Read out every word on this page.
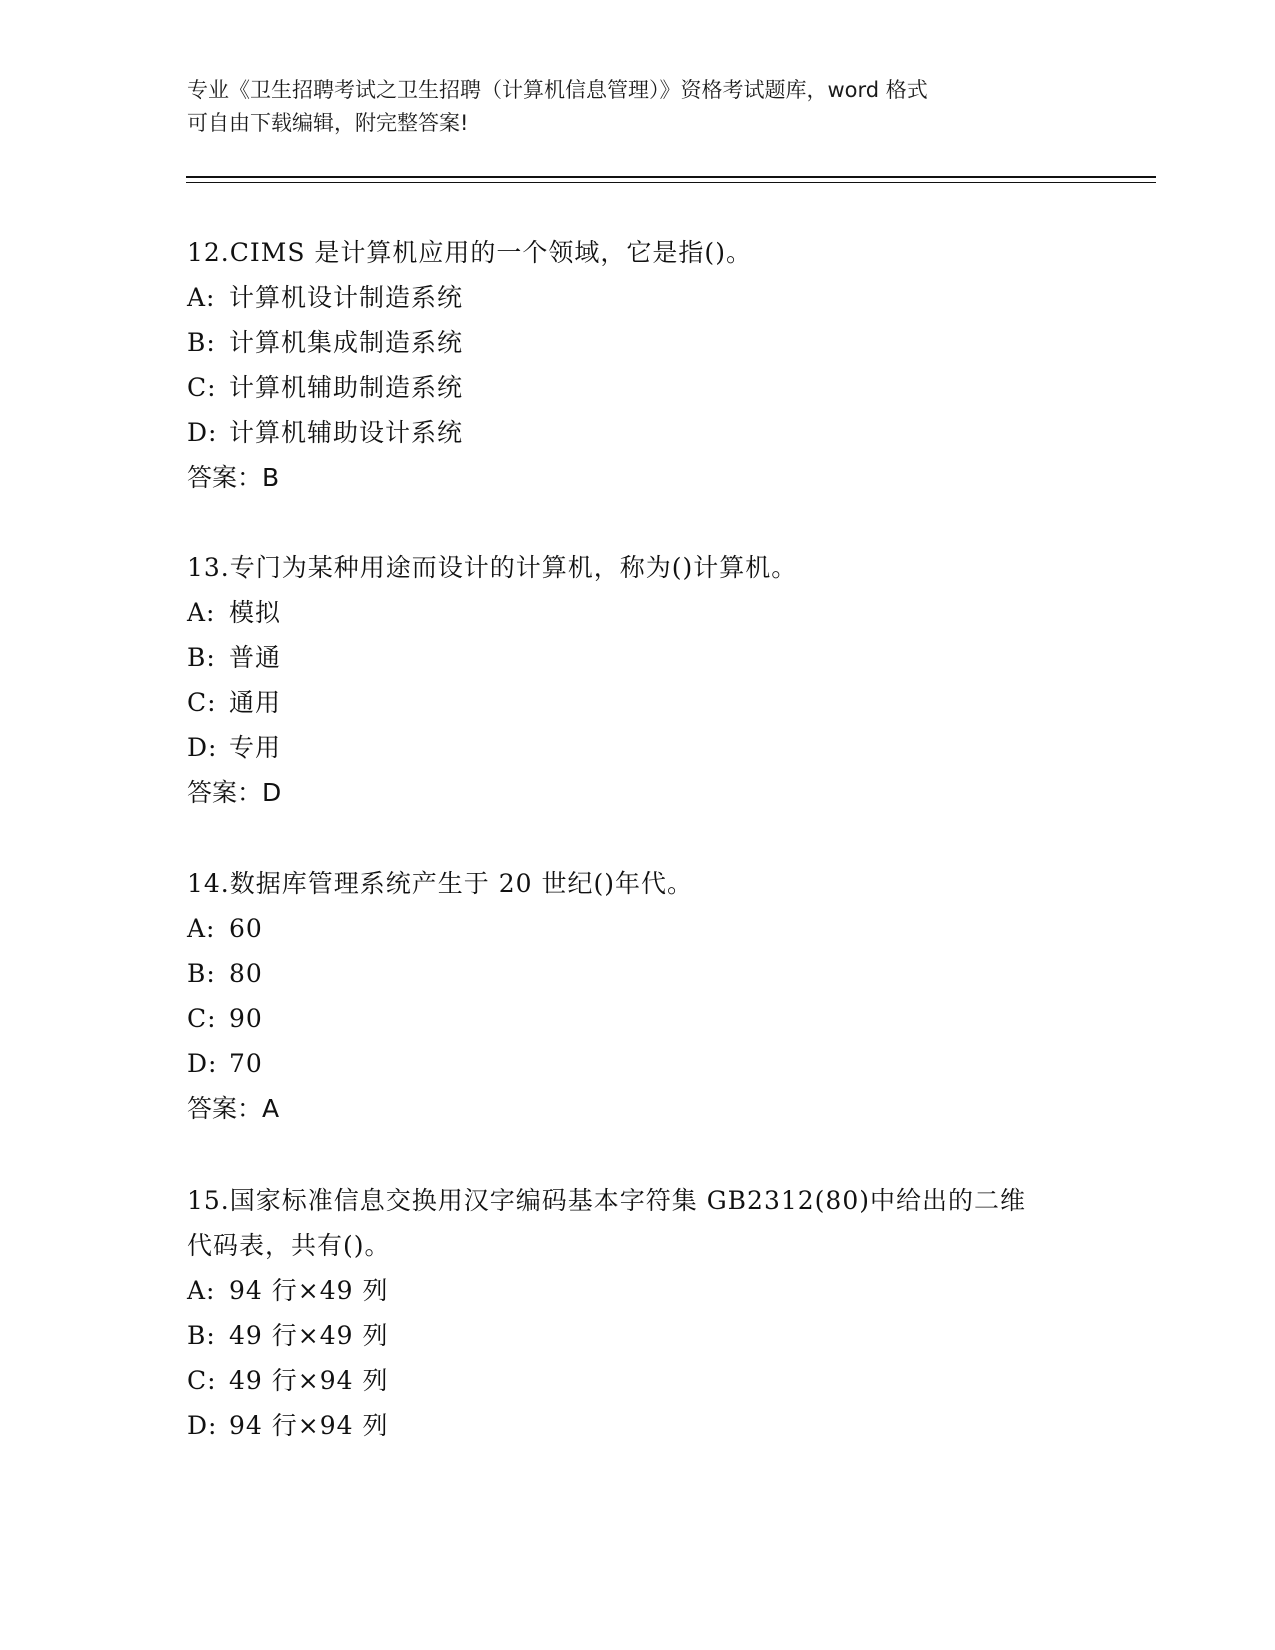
专业《卫生招聘考试之卫生招聘（计算机信息管理）》资格考试题库，word 格式
可自由下载编辑，附完整答案!
12.CIMS 是计算机应用的一个领域，它是指()。
A: 计算机设计制造系统
B: 计算机集成制造系统
C: 计算机辅助制造系统
D: 计算机辅助设计系统
答案：B
13.专门为某种用途而设计的计算机，称为()计算机。
A: 模拟
B: 普通
C: 通用
D: 专用
答案：D
14.数据库管理系统产生于 20 世纪()年代。
A: 60
B: 80
C: 90
D: 70
答案：A
15.国家标准信息交换用汉字编码基本字符集 GB2312(80)中给出的二维
代码表，共有()。
A: 94 行×49 列
B: 49 行×49 列
C: 49 行×94 列
D: 94 行×94 列
